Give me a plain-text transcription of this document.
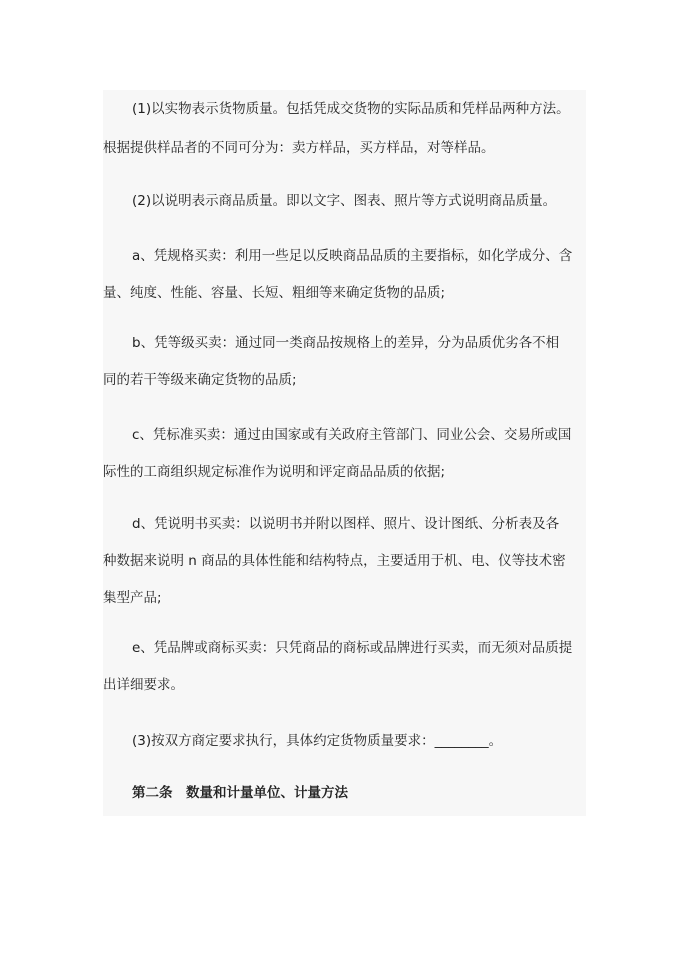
(1)以实物表示货物质量。包括凭成交货物的实际品质和凭样品两种方法。
根据提供样品者的不同可分为：卖方样品，买方样品，对等样品。

(2)以说明表示商品质量。即以文字、图表、照片等方式说明商品质量。

a、凭规格买卖：利用一些足以反映商品品质的主要指标，如化学成分、含
量、纯度、性能、容量、长短、粗细等来确定货物的品质;

b、凭等级买卖：通过同一类商品按规格上的差异，分为品质优劣各不相
同的若干等级来确定货物的品质;

c、凭标准买卖：通过由国家或有关政府主管部门、同业公会、交易所或国
际性的工商组织规定标准作为说明和评定商品品质的依据;

d、凭说明书买卖：以说明书并附以图样、照片、设计图纸、分析表及各
种数据来说明 n 商品的具体性能和结构特点，主要适用于机、电、仪等技术密
集型产品;

e、凭品牌或商标买卖：只凭商品的商标或品牌进行买卖，而无须对品质提
出详细要求。

(3)按双方商定要求执行，具体约定货物质量要求：________。

第二条　数量和计量单位、计量方法
